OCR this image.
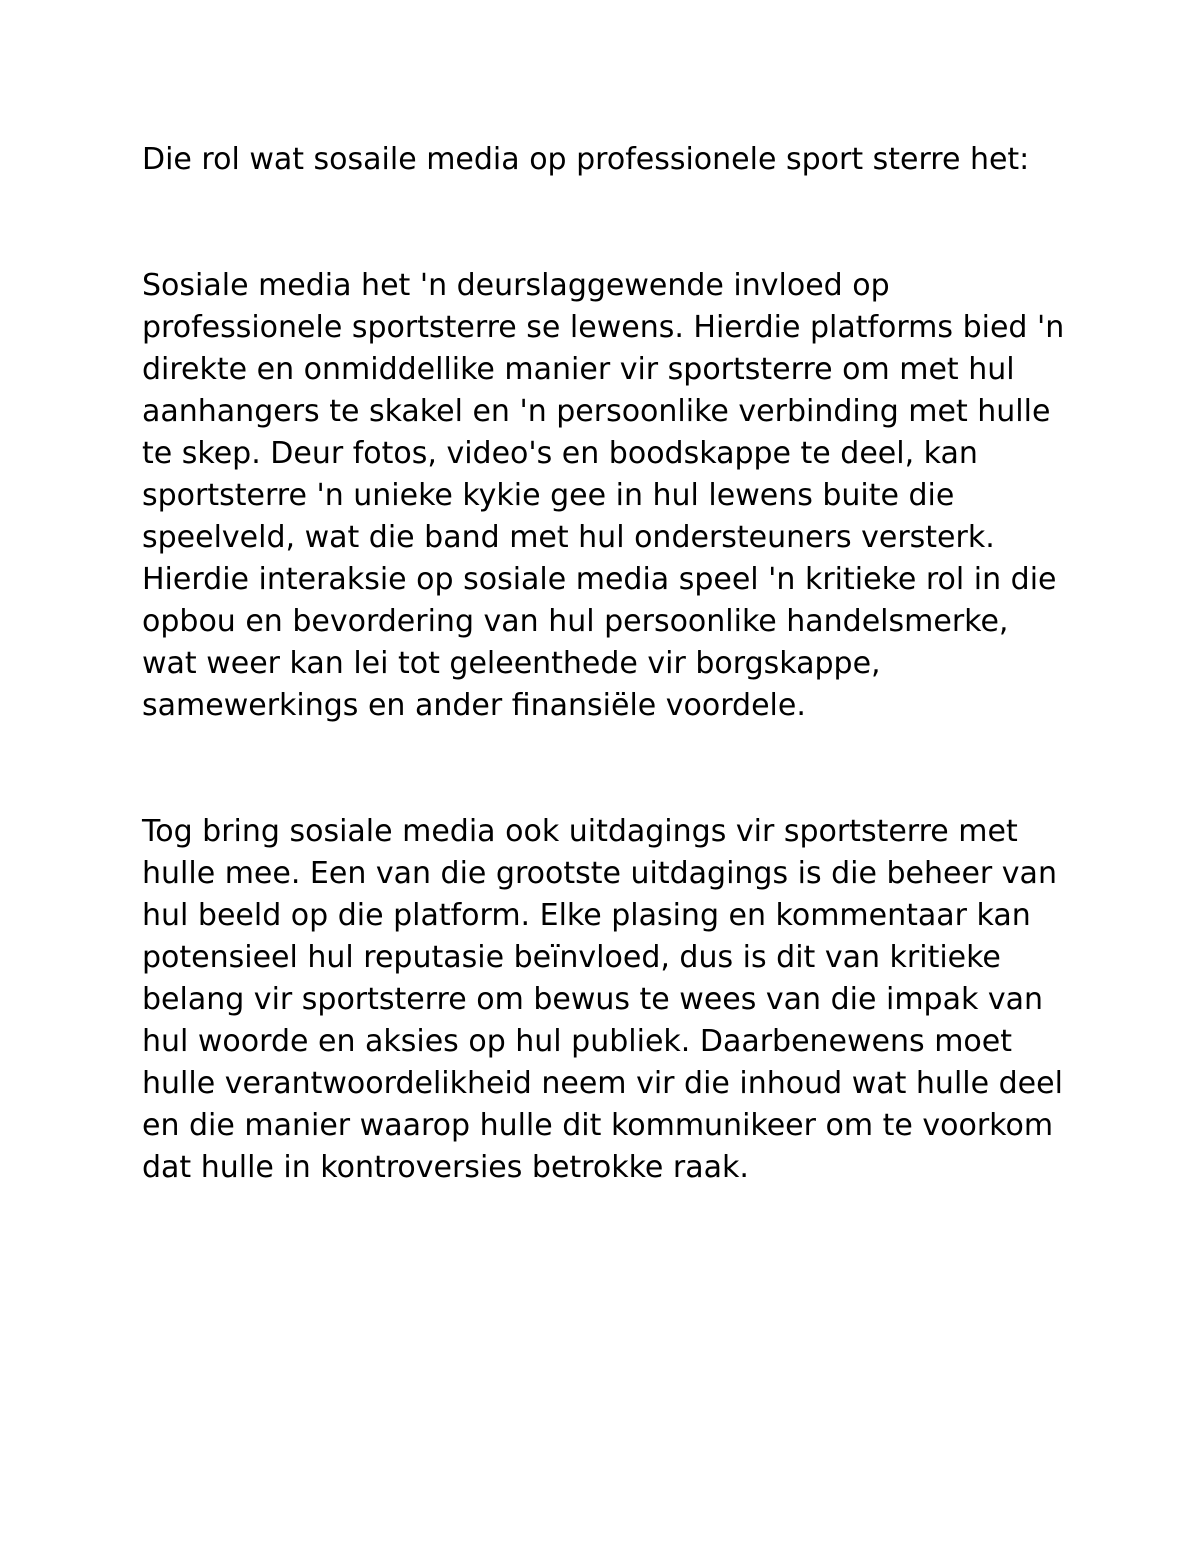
Die rol wat sosaile media op professionele sport sterre het:

Sosiale media het 'n deurslaggewende invloed op professionele sportsterre se lewens. Hierdie platforms bied 'n direkte en onmiddellike manier vir sportsterre om met hul aanhangers te skakel en 'n persoonlike verbinding met hulle te skep. Deur fotos, video's en boodskappe te deel, kan sportsterre 'n unieke kykie gee in hul lewens buite die speelveld, wat die band met hul ondersteuners versterk. Hierdie interaksie op sosiale media speel 'n kritieke rol in die opbou en bevordering van hul persoonlike handelsmerke, wat weer kan lei tot geleenthede vir borgskappe, samewerkings en ander finansiële voordele.

Tog bring sosiale media ook uitdagings vir sportsterre met hulle mee. Een van die grootste uitdagings is die beheer van hul beeld op die platform. Elke plasing en kommentaar kan potensieel hul reputasie beïnvloed, dus is dit van kritieke belang vir sportsterre om bewus te wees van die impak van hul woorde en aksies op hul publiek. Daarbenewens moet hulle verantwoordelikheid neem vir die inhoud wat hulle deel en die manier waarop hulle dit kommunikeer om te voorkom dat hulle in kontroversies betrokke raak.
